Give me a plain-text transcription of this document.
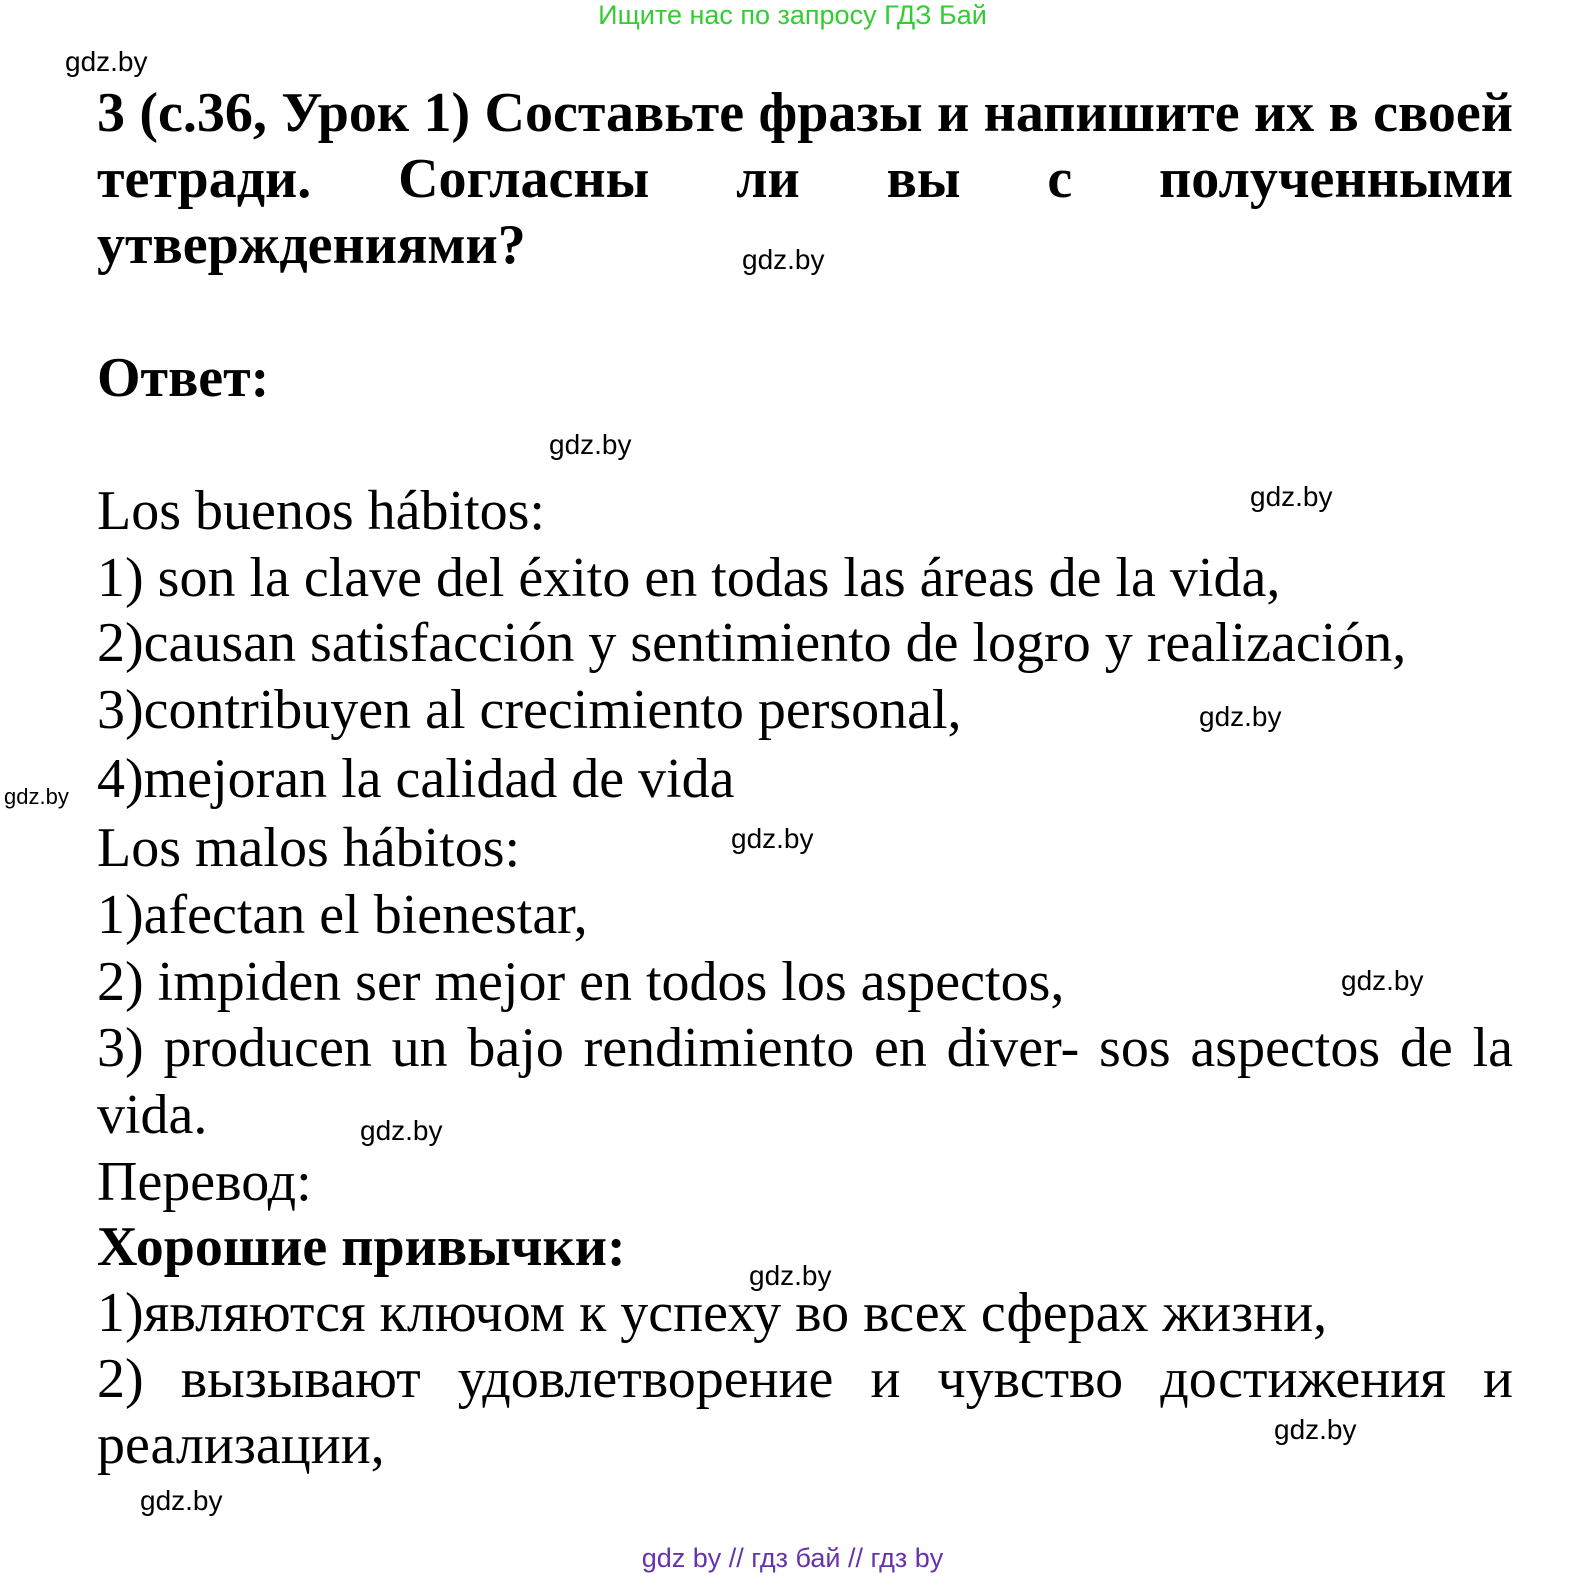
Ищите нас по запросу ГДЗ Бай
gdz.by

3 (с.36, Урок 1) Составьте фразы и напишите их в своей тетради. Согласны ли вы с полученными утверждениями?	gdz.by

Ответ:

gdz.by
gdz.by

Los buenos hábitos:

1) son la clave del éxito en todas las áreas de la vida,

2)causan satisfacción y sentimiento de logro y realización,

3)contribuyen al crecimiento personal,	gdz.by

4)mejoran la calidad de vida

gdz.by

Los malos hábitos:	gdz.by

1)afectan el bienestar,

2) impiden ser mejor en todos los aspectos,	gdz.by

3) producen un bajo rendimiento en diver- sos aspectos de la

vida.	gdz.by

Перевод:

Хорошие привычки:	gdz.by

1)являются ключом к успеху во всех сферах жизни,

2) вызывают удовлетворение и чувство достижения и

реализации,	gdz.by
gdz.by
gdz by // гдз бай // гдз by
